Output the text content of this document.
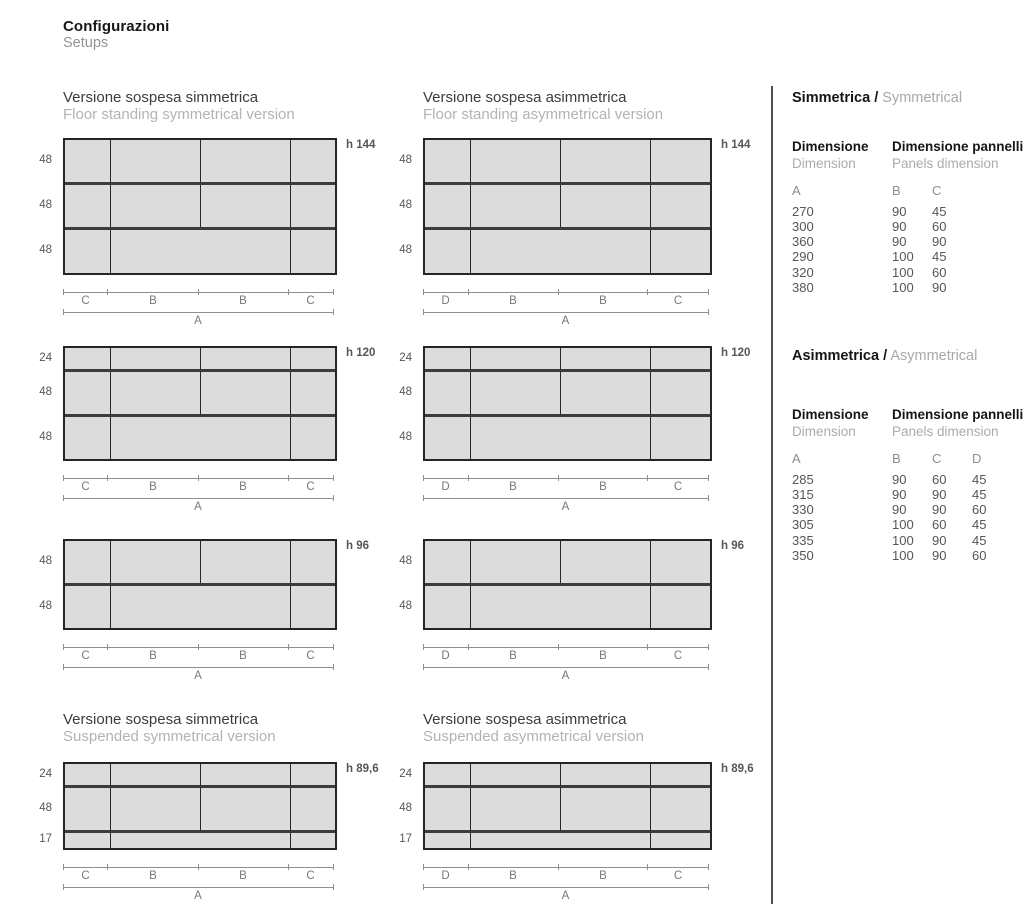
Configurazioni
Setups
Versione sospesa simmetrica
Floor standing symmetrical version
Versione sospesa asimmetrica
Floor standing asymmetrical version
Versione sospesa simmetrica
Suspended symmetrical version
Versione sospesa asimmetrica
Suspended asymmetrical version
48
48
48
h 144
C	B	B	C
A
48
48
48
h 144
D	B	B	C
A
24
48
48
h 120
C	B	B	C
A
24
48
48
h 120
D	B	B	C
A
48
48
h 96
C	B	B	C
A
48
48
h 96
D	B	B	C
A
24
48
17
h 89,6
C	B	B	C
A
24
48
17
h 89,6
D	B	B	C
A
Simmetrica / Symmetrical
Dimensione
Dimension
Dimensione pannelli
Panels dimension
A	B	C
270	90	45
300	90	60
360	90	90
290	100	45
320	100	60
380	100	90
Asimmetrica / Asymmetrical
Dimensione
Dimension
Dimensione pannelli
Panels dimension
A	B	C	D
285	90	60	45
315	90	90	45
330	90	90	60
305	100	60	45
335	100	90	45
350	100	90	60
